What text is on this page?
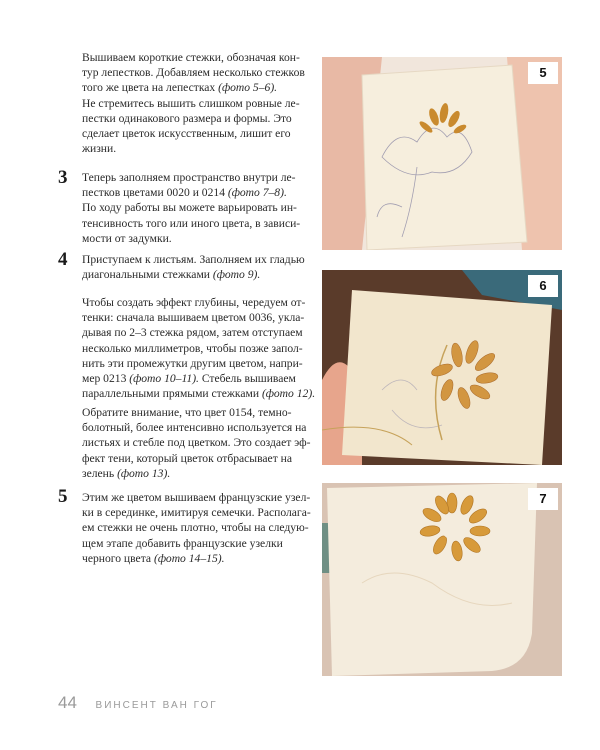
Вышиваем короткие стежки, обозначая кон-
тур лепестков. Добавляем несколько стежков
того же цвета на лепестках (фото 5–6).
Не стремитесь вышить слишком ровные ле-
пестки одинакового размера и формы. Это
сделает цветок искусственным, лишит его
жизни.

3 Теперь заполняем пространство внутри ле-
пестков цветами 0020 и 0214 (фото 7–8).
По ходу работы вы можете варьировать ин-
тенсивность того или иного цвета, в зависи-
мости от задумки.

4 Приступаем к листьям. Заполняем их гладью
диагональными стежками (фото 9).

Чтобы создать эффект глубины, чередуем от-
тенки: сначала вышиваем цветом 0036, укла-
дывая по 2–3 стежка рядом, затем отступаем
несколько миллиметров, чтобы позже запол-
нить эти промежутки другим цветом, напри-
мер 0213 (фото 10–11). Стебель вышиваем
параллельными прямыми стежками (фото 12).

Обратите внимание, что цвет 0154, темно-
болотный, более интенсивно используется на
листьях и стебле под цветком. Это создает эф-
фект тени, который цветок отбрасывает на
зелень (фото 13).

5 Этим же цветом вышиваем французские узел-
ки в серединке, имитируя семечки. Располага-
ем стежки не очень плотно, чтобы на следую-
щем этапе добавить французские узелки
черного цвета (фото 14–15).

5
6
7
44 ВИНСЕНТ ВАН ГОГ
